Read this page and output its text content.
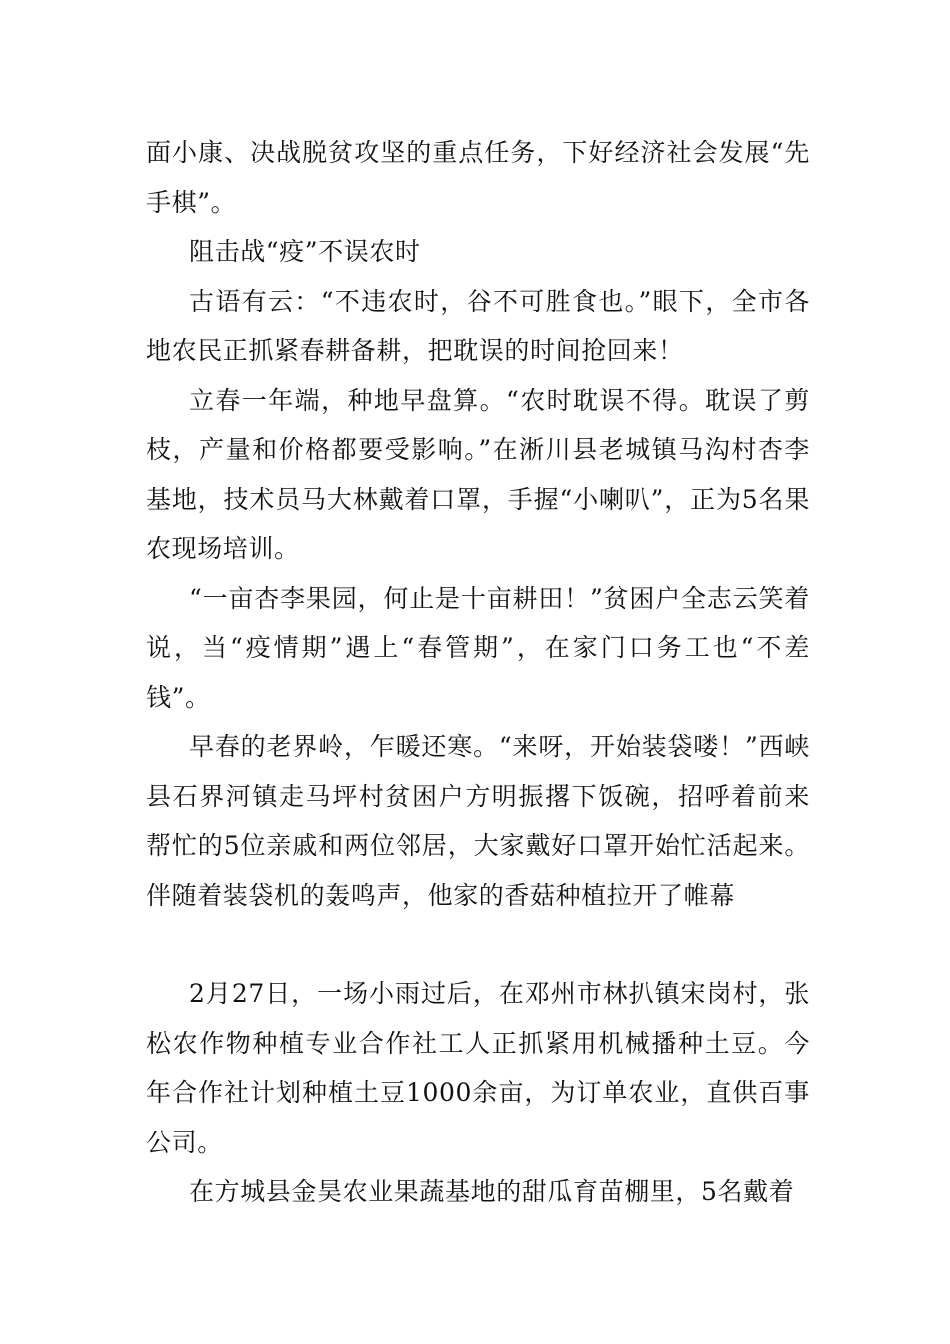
面小康、决战脱贫攻坚的重点任务，下好经济社会发展“先手棋”。

阻击战“疫”不误农时

古语有云：“不违农时，谷不可胜食也。”眼下，全市各地农民正抓紧春耕备耕，把耽误的时间抢回来！

立春一年端，种地早盘算。“农时耽误不得。耽误了剪枝，产量和价格都要受影响。”在淅川县老城镇马沟村杏李基地，技术员马大林戴着口罩，手握“小喇叭”，正为5名果农现场培训。

“一亩杏李果园，何止是十亩耕田！”贫困户全志云笑着说，当“疫情期”遇上“春管期”，在家门口务工也“不差钱”。

早春的老界岭，乍暖还寒。“来呀，开始装袋喽！”西峡县石界河镇走马坪村贫困户方明振撂下饭碗，招呼着前来帮忙的5位亲戚和两位邻居，大家戴好口罩开始忙活起来。伴随着装袋机的轰鸣声，他家的香菇种植拉开了帷幕

2月27日，一场小雨过后，在邓州市林扒镇宋岗村，张松农作物种植专业合作社工人正抓紧用机械播种土豆。今年合作社计划种植土豆1000余亩，为订单农业，直供百事公司。

在方城县金昊农业果蔬基地的甜瓜育苗棚里，5名戴着
